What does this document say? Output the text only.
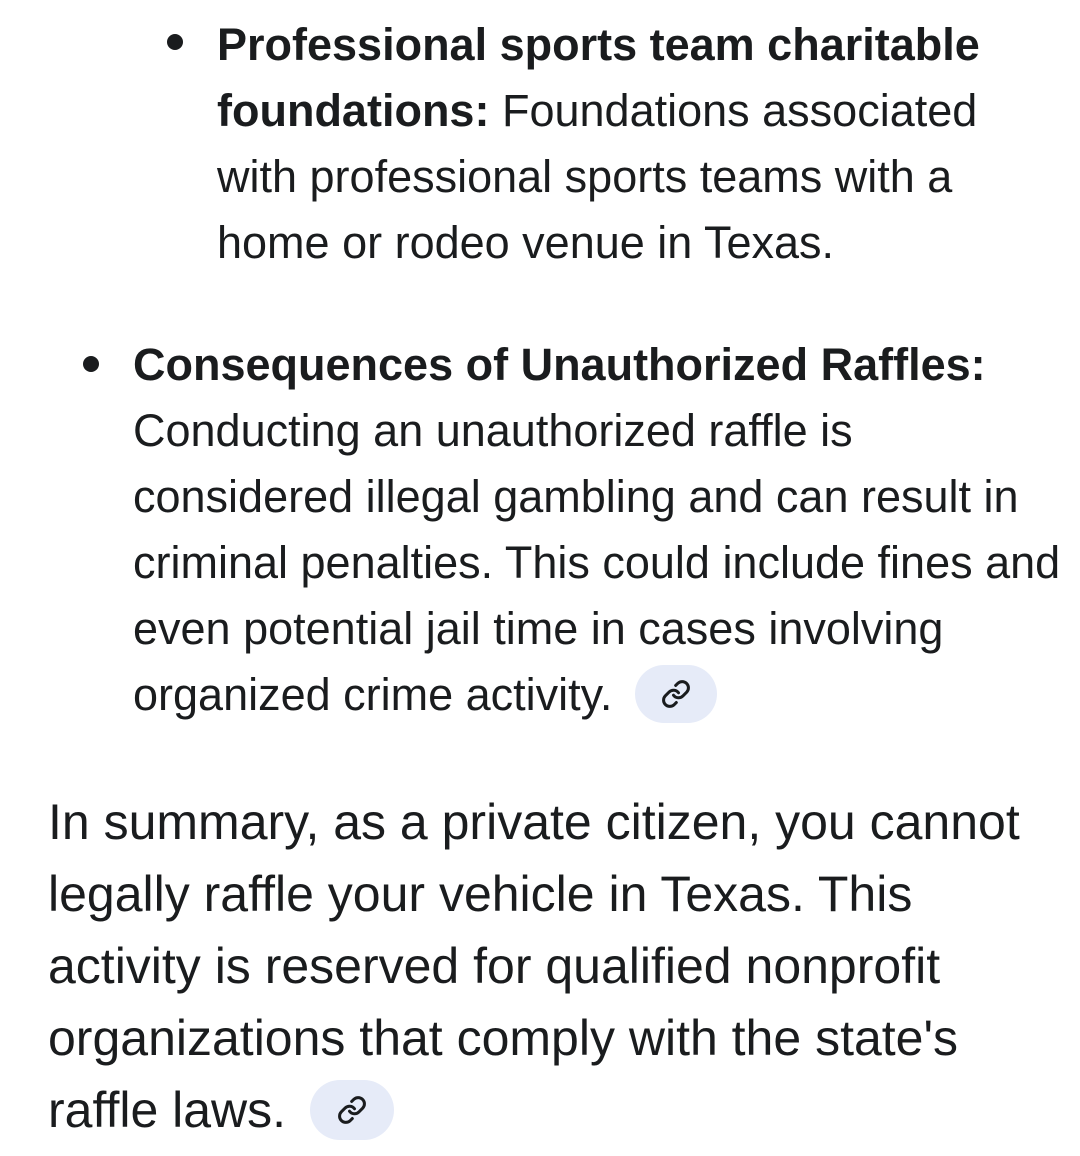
Professional sports team charitable foundations: Foundations associated with professional sports teams with a home or rodeo venue in Texas.
Consequences of Unauthorized Raffles: Conducting an unauthorized raffle is considered illegal gambling and can result in criminal penalties. This could include fines and even potential jail time in cases involving organized crime activity.
In summary, as a private citizen, you cannot legally raffle your vehicle in Texas. This activity is reserved for qualified nonprofit organizations that comply with the state's raffle laws.
